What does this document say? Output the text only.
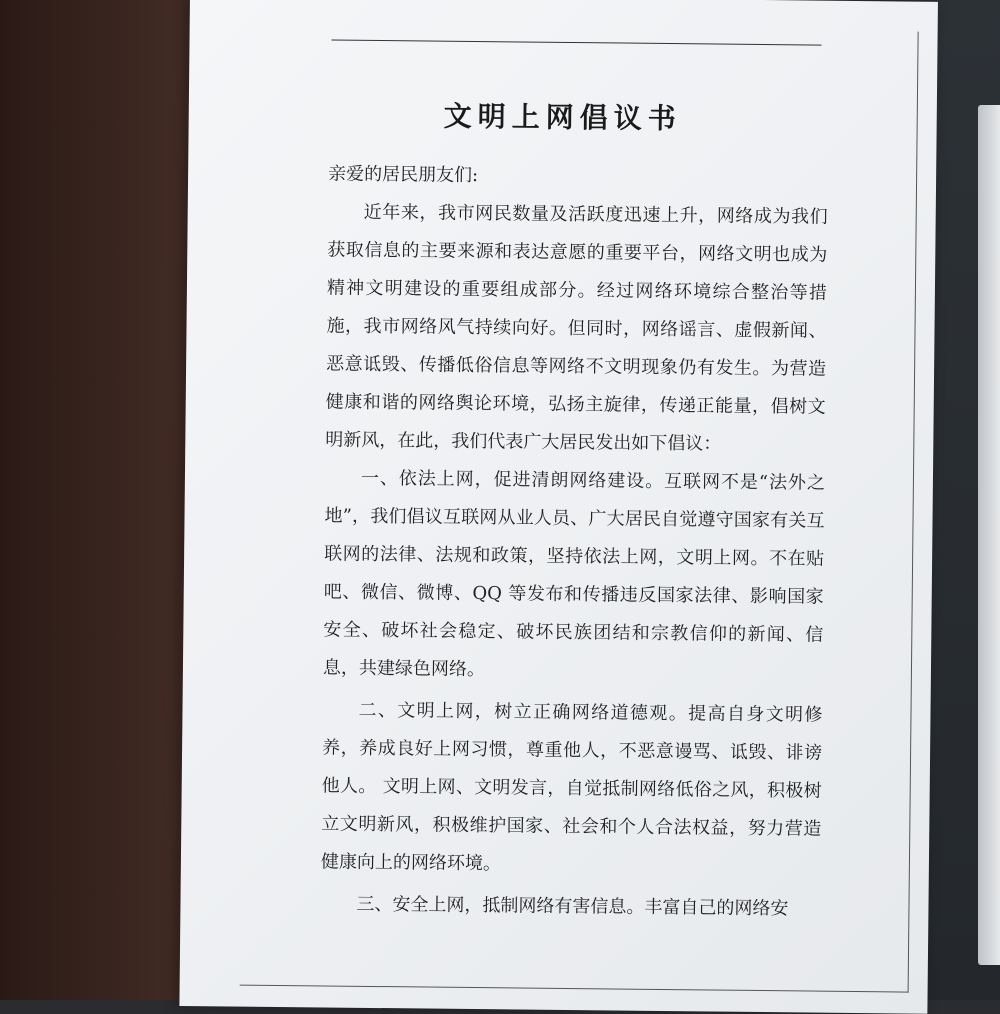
文明上网倡议书

亲爱的居民朋友们:

近年来，我市网民数量及活跃度迅速上升，网络成为我们获取信息的主要来源和表达意愿的重要平台，网络文明也成为精神文明建设的重要组成部分。经过网络环境综合整治等措施，我市网络风气持续向好。但同时，网络谣言、虚假新闻、恶意诋毁、传播低俗信息等网络不文明现象仍有发生。为营造健康和谐的网络舆论环境，弘扬主旋律，传递正能量，倡树文明新风，在此，我们代表广大居民发出如下倡议：

一、依法上网，促进清朗网络建设。互联网不是“法外之地”，我们倡议互联网从业人员、广大居民自觉遵守国家有关互联网的法律、法规和政策，坚持依法上网，文明上网。不在贴吧、微信、微博、QQ 等发布和传播违反国家法律、影响国家安全、破坏社会稳定、破坏民族团结和宗教信仰的新闻、信息，共建绿色网络。

二、文明上网，树立正确网络道德观。提高自身文明修养，养成良好上网习惯，尊重他人，不恶意谩骂、诋毁、诽谤他人。 文明上网、文明发言，自觉抵制网络低俗之风，积极树立文明新风，积极维护国家、社会和个人合法权益，努力营造健康向上的网络环境。

三、安全上网，抵制网络有害信息。丰富自己的网络安
